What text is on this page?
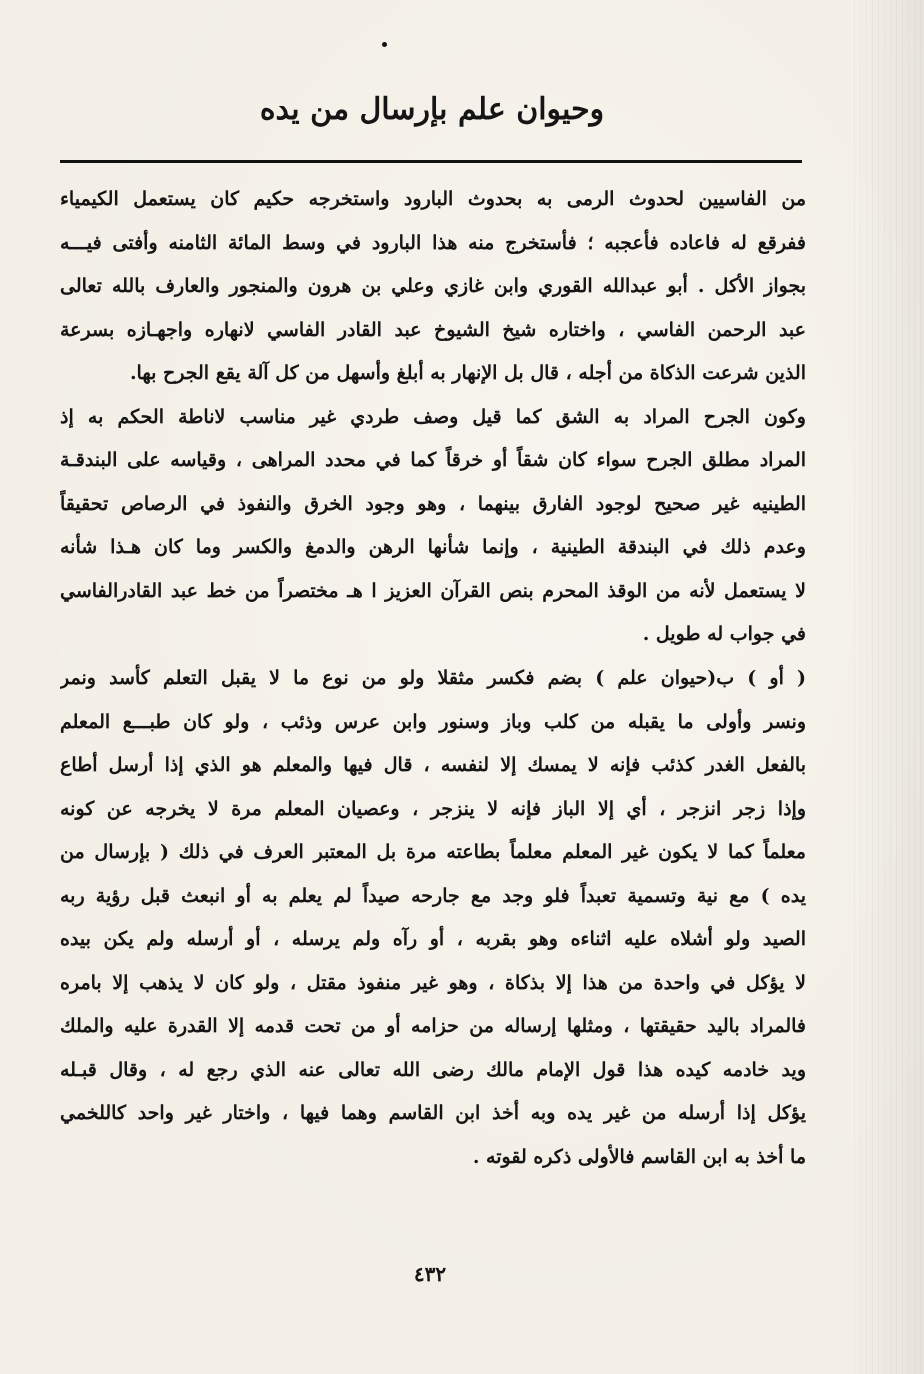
وحيوان علم بإرسال من يده
من الفاسيين لحدوث الرمى به بحدوث البارود واستخرجه حكيم كان يستعمل الكيمياء
ففرقع له فاعاده فأعجبه ؛ فأستخرج منه هذا البارود في وسط المائة الثامنه وأفتى فيـــه
بجواز الأكل . أبو عبدالله القوري وابن غازي وعلي بن هرون والمنجور والعارف بالله تعالى
عبد الرحمن الفاسي ، واختاره شيخ الشيوخ عبد القادر الفاسي لانهاره واجهـازه بسرعة
الذين شرعت الذكاة من أجله ، قال بل الإنهار به أبلغ وأسهل من كل آلة يقع الجرح بها.
وكون الجرح المراد به الشق كما قيل وصف طردي غير مناسب لاناطة الحكم به إذ
المراد مطلق الجرح سواء كان شقاً أو خرقاً كما في محدد المراهى ، وقياسه على البندقـة
الطينيه غير صحيح لوجود الفارق بينهما ، وهو وجود الخرق والنفوذ في الرصاص تحقيقاً
وعدم ذلك في البندقة الطينية ، وإنما شأنها الرهن والدمغ والكسر وما كان هـذا شأنه
لا يستعمل لأنه من الوقذ المحرم بنص القرآن العزيز ا هـ مختصراً من خط عبد القادرالفاسي
في جواب له طويل .
( أو ) ب(حيوان علم ) بضم فكسر مثقلا ولو من نوع ما لا يقبل التعلم كأسد ونمر
ونسر وأولى ما يقبله من كلب وباز وسنور وابن عرس وذئب ، ولو كان طبـــع المعلم
بالفعل الغدر كذئب فإنه لا يمسك إلا لنفسه ، قال فيها والمعلم هو الذي إذا أرسل أطاع
وإذا زجر انزجر ، أي إلا الباز فإنه لا ينزجر ، وعصيان المعلم مرة لا يخرجه عن كونه
معلماً كما لا يكون غير المعلم معلماً بطاعته مرة بل المعتبر العرف في ذلك ( بإرسال من
يده ) مع نية وتسمية تعبداً فلو وجد مع جارحه صيداً لم يعلم به أو انبعث قبل رؤية ربه
الصيد ولو أشلاه عليه اثناءه وهو بقربه ، أو رآه ولم يرسله ، أو أرسله ولم يكن بيده
لا يؤكل في واحدة من هذا إلا بذكاة ، وهو غير منفوذ مقتل ، ولو كان لا يذهب إلا بامره
فالمراد باليد حقيقتها ، ومثلها إرساله من حزامه أو من تحت قدمه إلا القدرة عليه والملك
ويد خادمه كيده هذا قول الإمام مالك رضى الله تعالى عنه الذي رجع له ، وقال قبـله
يؤكل إذا أرسله من غير يده وبه أخذ ابن القاسم وهما فيها ، واختار غير واحد كاللخمي
ما أخذ به ابن القاسم فالأولى ذكره لقوته .
٤٣٢
